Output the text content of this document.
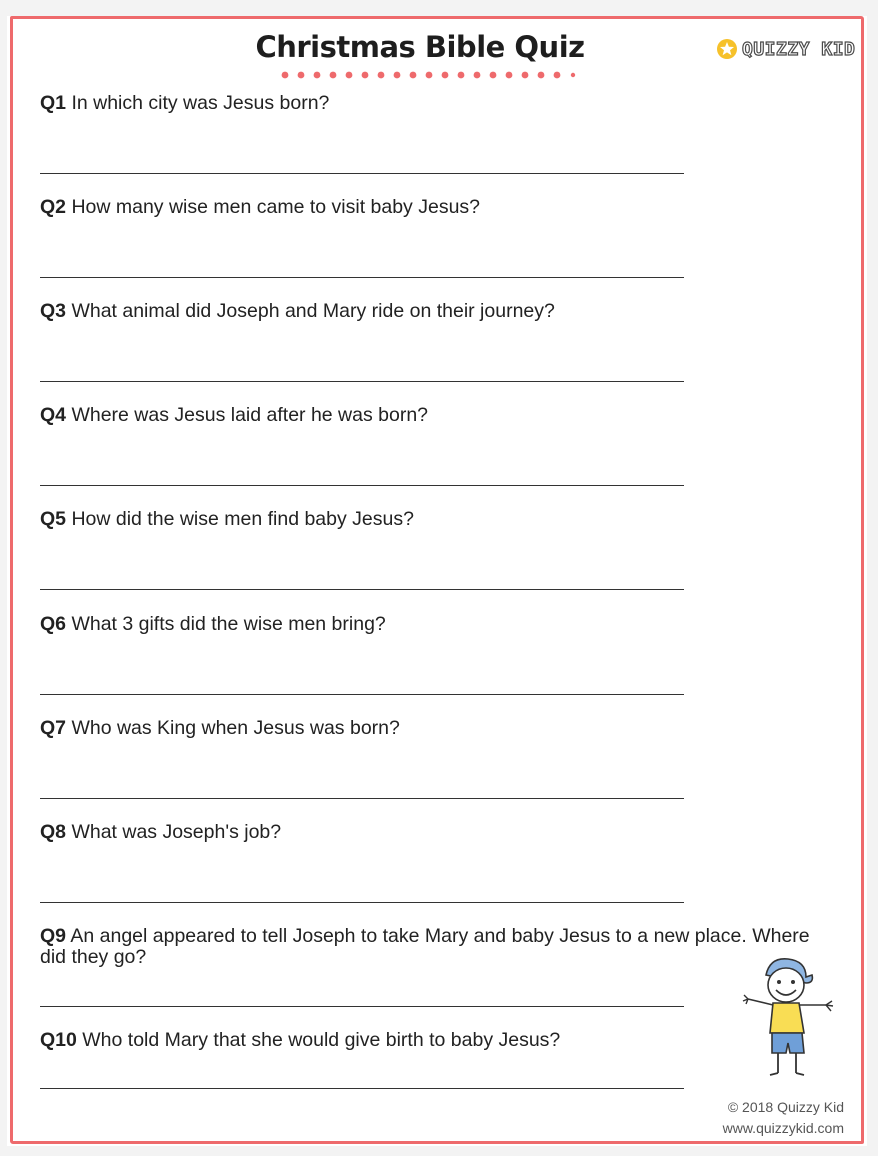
Christmas Bible Quiz	QUIZZY KID
Q1 In which city was Jesus born?
Q2 How many wise men came to visit baby Jesus?
Q3 What animal did Joseph and Mary ride on their journey?
Q4 Where was Jesus laid after he was born?
Q5 How did the wise men find baby Jesus?
Q6 What 3 gifts did the wise men bring?
Q7 Who was King when Jesus was born?
Q8 What was Joseph's job?
Q9 An angel appeared to tell Joseph to take Mary and baby Jesus to a new place. Where did they go?
Q10 Who told Mary that she would give birth to baby Jesus?
© 2018 Quizzy Kid
www.quizzykid.com
